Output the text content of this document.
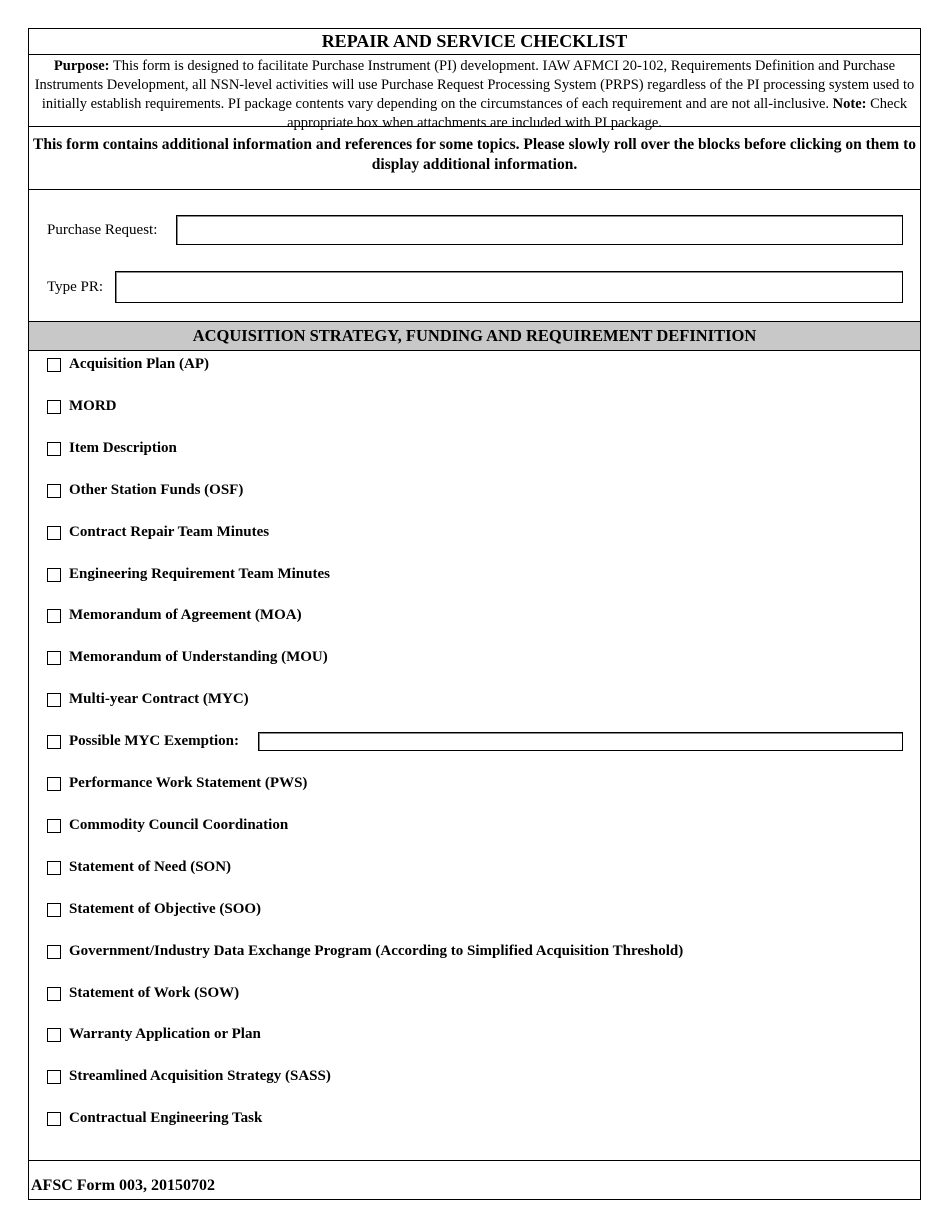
REPAIR AND SERVICE CHECKLIST
Purpose: This form is designed to facilitate Purchase Instrument (PI) development. IAW AFMCI 20-102, Requirements Definition and Purchase Instruments Development, all NSN-level activities will use Purchase Request Processing System (PRPS) regardless of the PI processing system used to initially establish requirements. PI package contents vary depending on the circumstances of each requirement and are not all-inclusive. Note: Check appropriate box when attachments are included with PI package.
This form contains additional information and references for some topics. Please slowly roll over the blocks before clicking on them to display additional information.
Purchase Request:
Type PR:
ACQUISITION STRATEGY, FUNDING AND REQUIREMENT DEFINITION
Acquisition Plan (AP)
MORD
Item Description
Other Station Funds (OSF)
Contract Repair Team Minutes
Engineering Requirement Team Minutes
Memorandum of Agreement (MOA)
Memorandum of Understanding (MOU)
Multi-year Contract (MYC)
Possible MYC Exemption:
Performance Work Statement (PWS)
Commodity Council Coordination
Statement of Need (SON)
Statement of Objective (SOO)
Government/Industry Data Exchange Program (According to Simplified Acquisition Threshold)
Statement of Work (SOW)
Warranty Application or Plan
Streamlined Acquisition Strategy (SASS)
Contractual Engineering Task
AFSC Form 003, 20150702
